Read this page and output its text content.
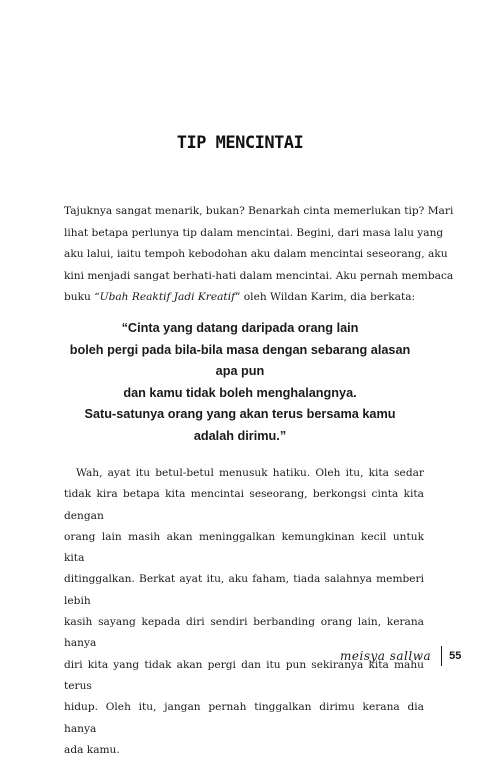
TIP MENCINTAI
Tajuknya sangat menarik, bukan? Benarkah cinta memerlukan tip? Mari
lihat betapa perlunya tip dalam mencintai. Begini, dari masa lalu yang
aku lalui, iaitu tempoh kebodohan aku dalam mencintai seseorang, aku
kini menjadi sangat berhati-hati dalam mencintai. Aku pernah membaca
buku “Ubah Reaktif Jadi Kreatif” oleh Wildan Karim, dia berkata:
“Cinta yang datang daripada orang lain
boleh pergi pada bila-bila masa dengan sebarang alasan
apa pun
dan kamu tidak boleh menghalangnya.
Satu-satunya orang yang akan terus bersama kamu
adalah dirimu.”
Wah, ayat itu betul-betul menusuk hatiku. Oleh itu, kita sedar
tidak kira betapa kita mencintai seseorang, berkongsi cinta kita dengan
orang lain masih akan meninggalkan kemungkinan kecil untuk kita
ditinggalkan. Berkat ayat itu, aku faham, tiada salahnya memberi lebih
kasih sayang kepada diri sendiri berbanding orang lain, kerana hanya
diri kita yang tidak akan pergi dan itu pun sekiranya kita mahu terus
hidup. Oleh itu, jangan pernah tinggalkan dirimu kerana dia hanya
ada kamu.
meisya sallwa 55
